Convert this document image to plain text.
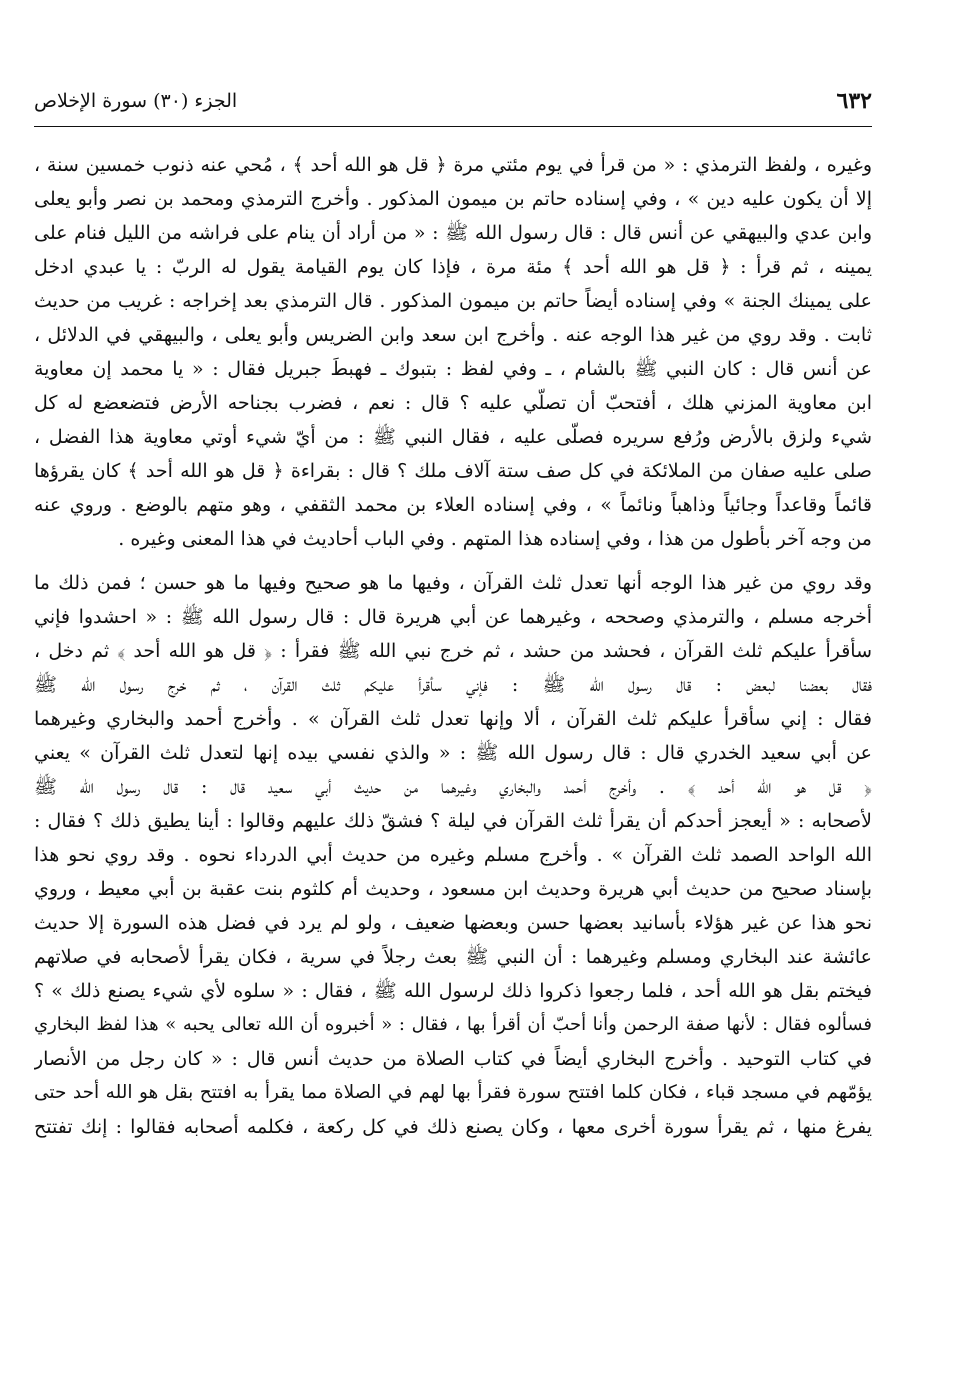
٦٣٢
الجزء (٣٠) سورة الإخلاص
وغيره ، ولفظ الترمذي : « من قرأ في يوم مئتي مرة ﴿ قل هو الله أحد ﴾ ، مُحي عنه ذنوب خمسين سنة ،
إلا أن يكون عليه دين » ، وفي إسناده حاتم بن ميمون المذكور . وأخرج الترمذي ومحمد بن نصر وأبو يعلى
وابن عدي والبيهقي عن أنس قال : قال رسول الله ﷺ : « من أراد أن ينام على فراشه من الليل فنام على
يمينه ، ثم قرأ : ﴿ قل هو الله أحد ﴾ مئة مرة ، فإذا كان يوم القيامة يقول له الربّ : يا عبدي ادخل
على يمينك الجنة » وفي إسناده أيضاً حاتم بن ميمون المذكور . قال الترمذي بعد إخراجه : غريب من حديث
ثابت . وقد روي من غير هذا الوجه عنه . وأخرج ابن سعد وابن الضريس وأبو يعلى ، والبيهقي في الدلائل ،
عن أنس قال : كان النبي ﷺ بالشام ، ـ وفي لفظ : بتبوك ـ فهبطَ جبريل فقال : « يا محمد إن معاوية
ابن معاوية المزني هلك ، أفتحبّ أن تصلّي عليه ؟ قال : نعم ، فضرب بجناحه الأرض فتضعضع له كل
شيء ولزق بالأرض ورُفع سريره فصلّى عليه ، فقال النبي ﷺ : من أيّ شيء أوتي معاوية هذا الفضل ،
صلى عليه صفان من الملائكة في كل صف ستة آلاف ملك ؟ قال : بقراءة ﴿ قل هو الله أحد ﴾ كان يقرؤها
قائماً وقاعداً وجائياً وذاهباً ونائماً » ، وفي إسناده العلاء بن محمد الثقفي ، وهو متهم بالوضع . وروي عنه
من وجه آخر بأطول من هذا ، وفي إسناده هذا المتهم . وفي الباب أحاديث في هذا المعنى وغيره .
وقد روي من غير هذا الوجه أنها تعدل ثلث القرآن ، وفيها ما هو صحيح وفيها ما هو حسن ؛ فمن ذلك ما
أخرجه مسلم ، والترمذي وصححه ، وغيرهما عن أبي هريرة قال : قال رسول الله ﷺ : « احشدوا فإني
سأقرأ عليكم ثلث القرآن ، فحشد من حشد ، ثم خرج نبي الله ﷺ فقرأ : ﴿ قل هو الله أحد ﴾ ثم دخل ،
فقال بعضنا لبعض : قال رسول الله ﷺ : فإني سأقرأ عليكم ثلث القرآن ، ثم خرج رسول الله ﷺ
فقال : إني سأقرأ عليكم ثلث القرآن ، ألا وإنها تعدل ثلث القرآن » . وأخرج أحمد والبخاري وغيرهما
عن أبي سعيد الخدري قال : قال رسول الله ﷺ : « والذي نفسي بيده إنها لتعدل ثلث القرآن » يعني
﴿ قل هو الله أحد ﴾ . وأخرج أحمد والبخاري وغيرهما من حديث أبي سعيد قال : قال رسول الله ﷺ
لأصحابه : « أيعجز أحدكم أن يقرأ ثلث القرآن في ليلة ؟ فشقّ ذلك عليهم وقالوا : أينا يطيق ذلك ؟ فقال :
الله الواحد الصمد ثلث القرآن » . وأخرج مسلم وغيره من حديث أبي الدرداء نحوه . وقد روي نحو هذا
بإسناد صحيح من حديث أبي هريرة وحديث ابن مسعود ، وحديث أم كلثوم بنت عقبة بن أبي معيط ، وروي
نحو هذا عن غير هؤلاء بأسانيد بعضها حسن وبعضها ضعيف ، ولو لم يرد في فضل هذه السورة إلا حديث
عائشة عند البخاري ومسلم وغيرهما : أن النبي ﷺ بعث رجلاً في سرية ، فكان يقرأ لأصحابه في صلاتهم
فيختم بقل هو الله أحد ، فلما رجعوا ذكروا ذلك لرسول الله ﷺ ، فقال : « سلوه لأي شيء يصنع ذلك » ؟
فسألوه فقال : لأنها صفة الرحمن وأنا أحبّ أن أقرأ بها ، فقال : « أخبروه أن الله تعالى يحبه » هذا لفظ البخاري
في كتاب التوحيد . وأخرج البخاري أيضاً في كتاب الصلاة من حديث أنس قال : « كان رجل من الأنصار
يؤمّهم في مسجد قباء ، فكان كلما افتتح سورة فقرأ بها لهم في الصلاة مما يقرأ به افتتح بقل هو الله أحد حتى
يفرغ منها ، ثم يقرأ سورة أخرى معها ، وكان يصنع ذلك في كل ركعة ، فكلمه أصحابه فقالوا : إنك تفتتح
